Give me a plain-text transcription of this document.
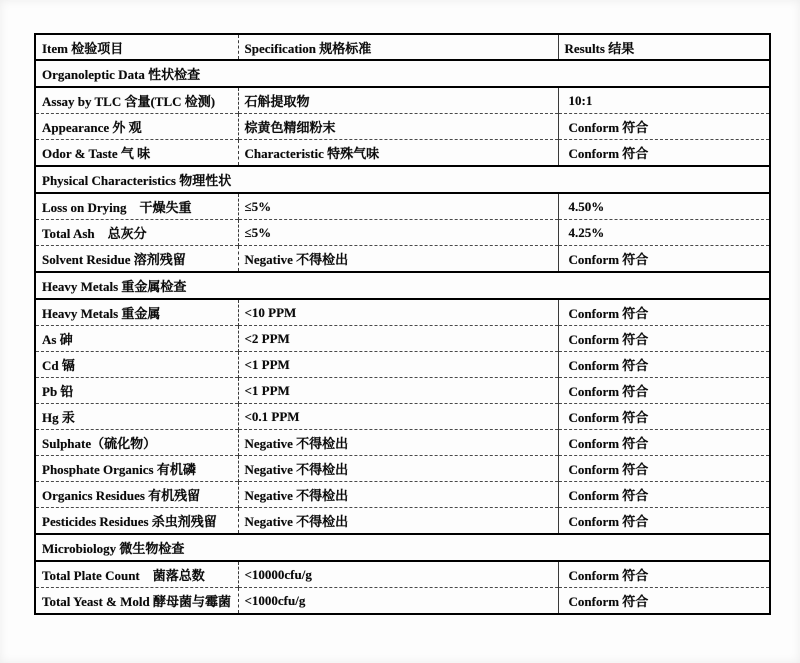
Item 检验项目	Specification 规格标准	Results 结果
Organoleptic Data 性状检查		
Assay by TLC 含量(TLC 检测)	石斛提取物	10:1
Appearance 外 观	棕黄色精细粉末	Conform 符合
Odor & Taste 气 味	Characteristic 特殊气味	Conform 符合
Physical Characteristics 物理性状		
Loss on Drying　干燥失重	≤5%	4.50%
Total Ash　总灰分	≤5%	4.25%
Solvent Residue 溶剂残留	Negative 不得检出	Conform 符合
Heavy Metals 重金属检查		
Heavy Metals 重金属	<10 PPM	Conform 符合
As 砷	<2 PPM	Conform 符合
Cd 镉	<1 PPM	Conform 符合
Pb 铅	<1 PPM	Conform 符合
Hg 汞	<0.1 PPM	Conform 符合
Sulphate（硫化物）	Negative 不得检出	Conform 符合
Phosphate Organics 有机磷	Negative 不得检出	Conform 符合
Organics Residues 有机残留	Negative 不得检出	Conform 符合
Pesticides Residues 杀虫剂残留	Negative 不得检出	Conform 符合
Microbiology 微生物检查		
Total Plate Count　菌落总数	<10000cfu/g	Conform 符合
Total Yeast & Mold 酵母菌与霉菌	<1000cfu/g	Conform 符合
